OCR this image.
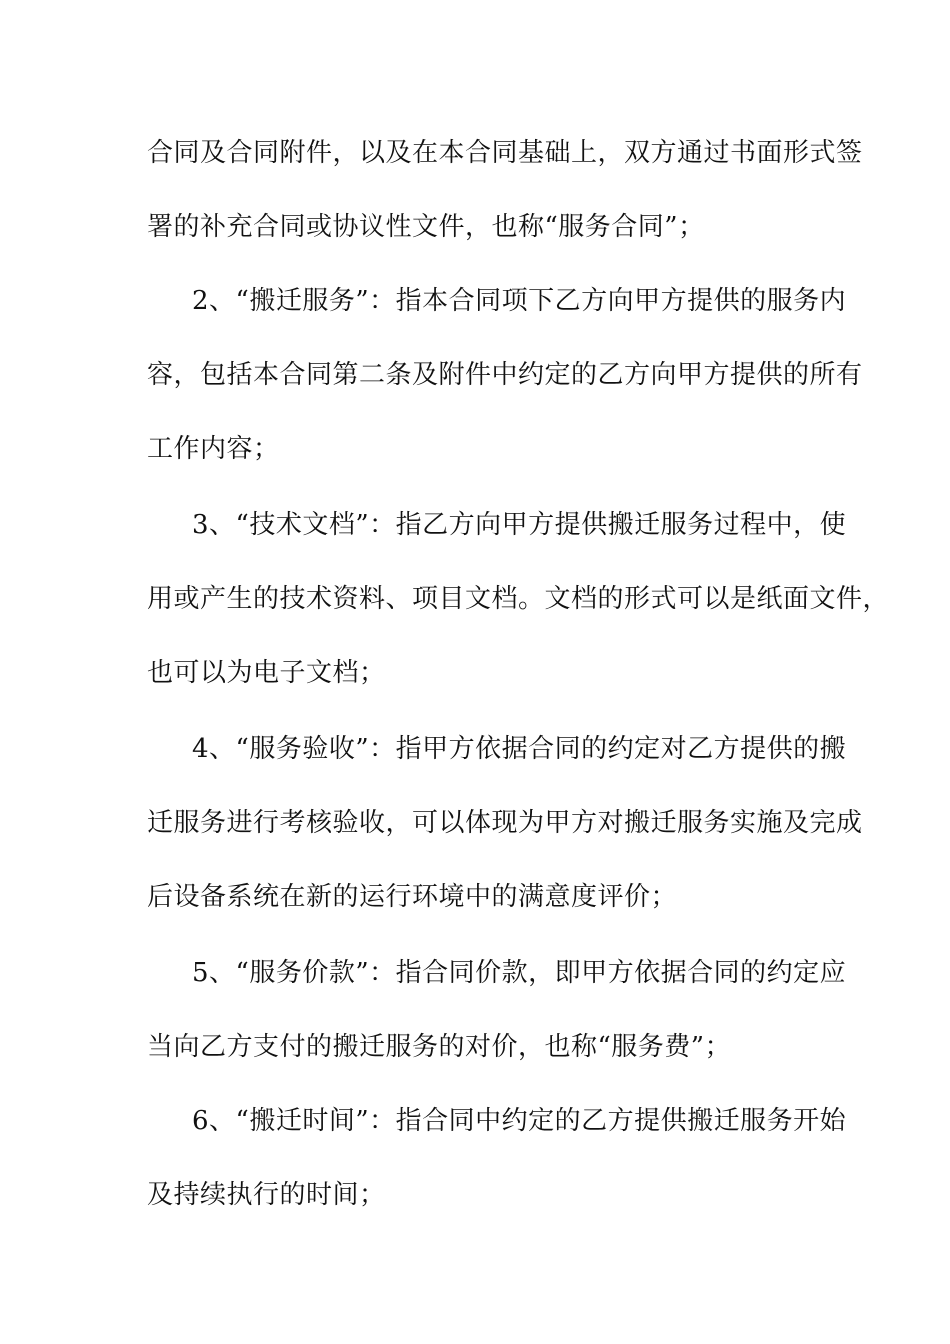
合同及合同附件，以及在本合同基础上，双方通过书面形式签
署的补充合同或协议性文件，也称“服务合同”；
2、“搬迁服务”：指本合同项下乙方向甲方提供的服务内
容，包括本合同第二条及附件中约定的乙方向甲方提供的所有
工作内容；
3、“技术文档”：指乙方向甲方提供搬迁服务过程中，使
用或产生的技术资料、项目文档。文档的形式可以是纸面文件，
也可以为电子文档；
4、“服务验收”：指甲方依据合同的约定对乙方提供的搬
迁服务进行考核验收，可以体现为甲方对搬迁服务实施及完成
后设备系统在新的运行环境中的满意度评价；
5、“服务价款”：指合同价款，即甲方依据合同的约定应
当向乙方支付的搬迁服务的对价，也称“服务费”；
6、“搬迁时间”：指合同中约定的乙方提供搬迁服务开始
及持续执行的时间；
